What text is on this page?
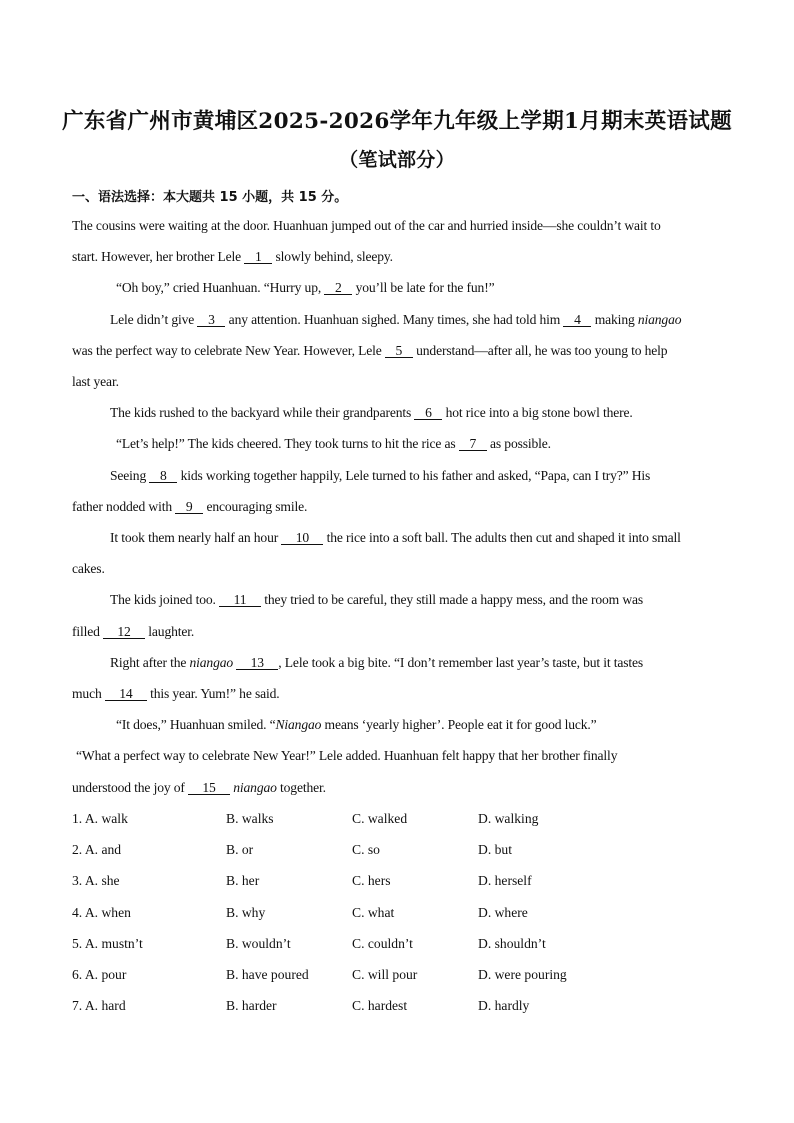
广东省广州市黄埔区2025-2026学年九年级上学期1月期末英语试题
（笔试部分）
一、语法选择：本大题共 15 小题，共 15 分。
The cousins were waiting at the door. Huanhuan jumped out of the car and hurried inside—she couldn’t wait to
start. However, her brother Lele 1 slowly behind, sleepy.
“Oh boy,” cried Huanhuan. “Hurry up, 2 you’ll be late for the fun!”
Lele didn’t give 3 any attention. Huanhuan sighed. Many times, she had told him 4 making niangao
was the perfect way to celebrate New Year. However, Lele 5 understand—after all, he was too young to help
last year.
The kids rushed to the backyard while their grandparents 6 hot rice into a big stone bowl there.
“Let’s help!” The kids cheered. They took turns to hit the rice as 7 as possible.
Seeing 8 kids working together happily, Lele turned to his father and asked, “Papa, can I try?” His
father nodded with 9 encouraging smile.
It took them nearly half an hour 10 the rice into a soft ball. The adults then cut and shaped it into small
cakes.
The kids joined too. 11 they tried to be careful, they still made a happy mess, and the room was
filled 12 laughter.
Right after the niangao 13 , Lele took a big bite. “I don’t remember last year’s taste, but it tastes
much 14 this year. Yum!” he said.
“It does,” Huanhuan smiled. “Niangao means ‘yearly higher’. People eat it for good luck.”
“What a perfect way to celebrate New Year!” Lele added. Huanhuan felt happy that her brother finally
understood the joy of 15 niangao together.
1. A. walk	B. walks	C. walked	D. walking
2. A. and	B. or	C. so	D. but
3. A. she	B. her	C. hers	D. herself
4. A. when	B. why	C. what	D. where
5. A. mustn’t	B. wouldn’t	C. couldn’t	D. shouldn’t
6. A. pour	B. have poured	C. will pour	D. were pouring
7. A. hard	B. harder	C. hardest	D. hardly
